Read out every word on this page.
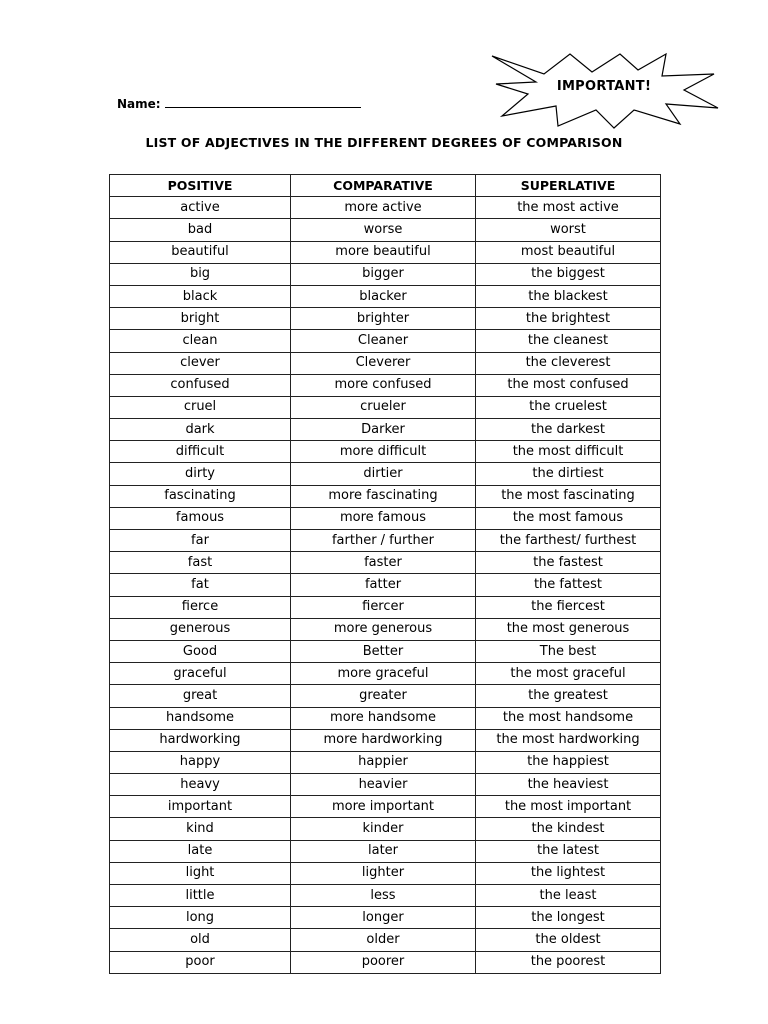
IMPORTANT!
Name:
LIST OF ADJECTIVES IN THE DIFFERENT DEGREES OF COMPARISON
POSITIVE	COMPARATIVE	SUPERLATIVE
active	more active	the most active
bad	worse	worst
beautiful	more beautiful	most beautiful
big	bigger	the biggest
black	blacker	the blackest
bright	brighter	the brightest
clean	Cleaner	the cleanest
clever	Cleverer	the cleverest
confused	more confused	the most confused
cruel	crueler	the cruelest
dark	Darker	the darkest
difficult	more difficult	the most difficult
dirty	dirtier	the dirtiest
fascinating	more fascinating	the most fascinating
famous	more famous	the most famous
far	farther / further	the farthest/ furthest
fast	faster	the fastest
fat	fatter	the fattest
fierce	fiercer	the fiercest
generous	more generous	the most generous
Good	Better	The best
graceful	more graceful	the most graceful
great	greater	the greatest
handsome	more handsome	the most handsome
hardworking	more hardworking	the most hardworking
happy	happier	the happiest
heavy	heavier	the heaviest
important	more important	the most important
kind	kinder	the kindest
late	later	the latest
light	lighter	the lightest
little	less	the least
long	longer	the longest
old	older	the oldest
poor	poorer	the poorest
